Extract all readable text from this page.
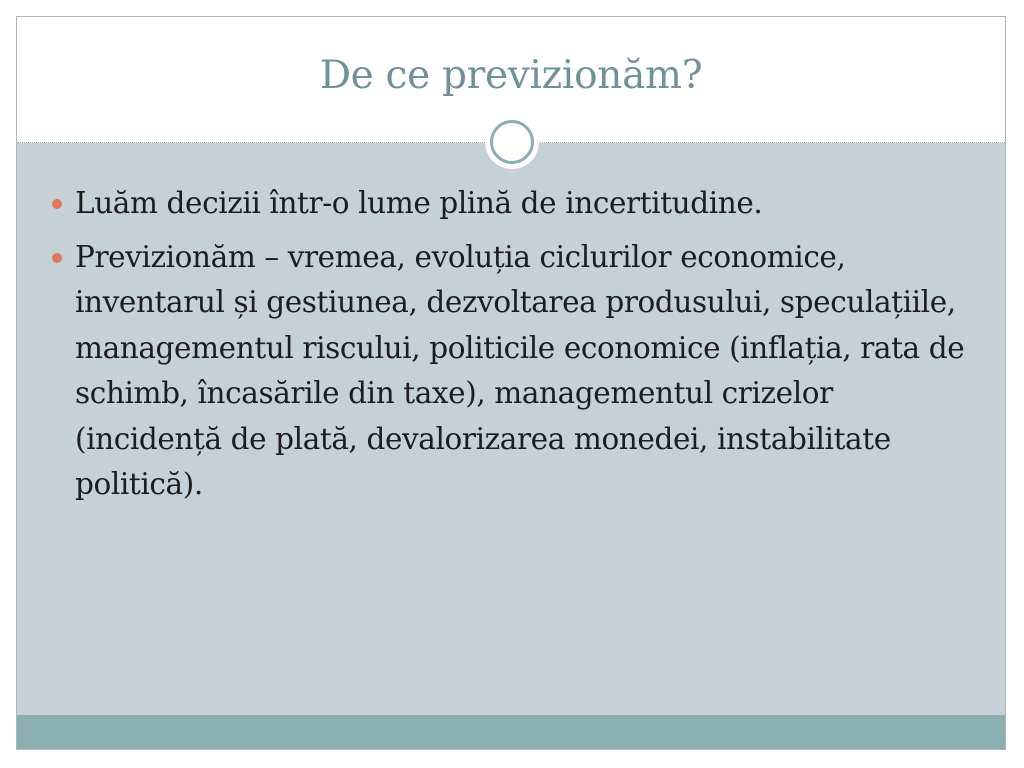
De ce previzionăm?
Luăm decizii într-o lume plină de incertitudine.
Previzionăm – vremea, evoluția ciclurilor economice, inventarul și gestiunea, dezvoltarea produsului, speculațiile, managementul riscului, politicile economice (inflația, rata de schimb, încasările din taxe), managementul crizelor (incidență de plată, devalorizarea monedei, instabilitate politică).
